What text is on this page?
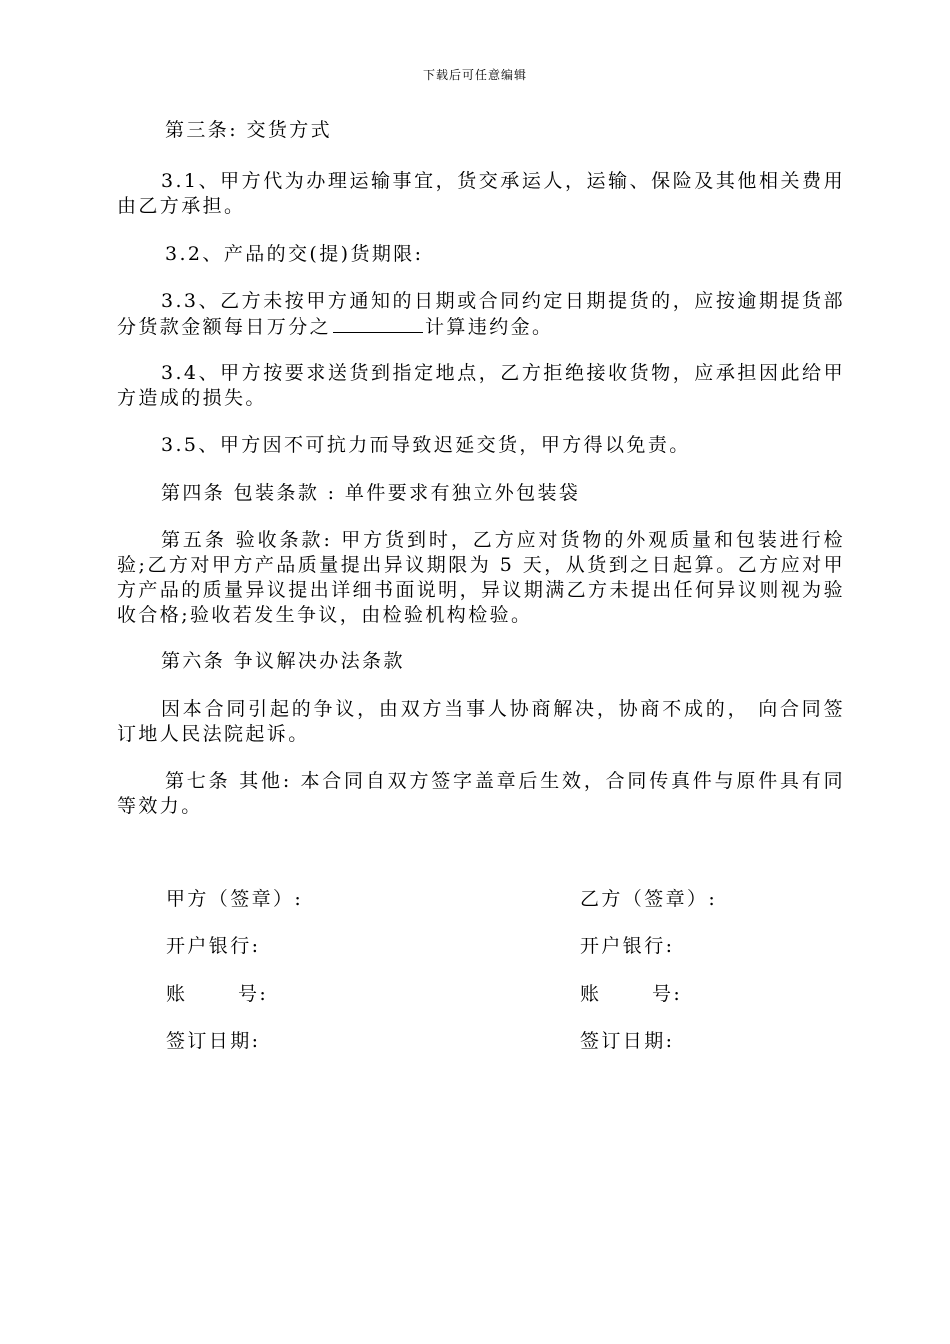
下载后可任意编辑
第三条: 交货方式
3.1、甲方代为办理运输事宜，货交承运人，运输、保险及其他相关费用由乙方承担。
3.2、产品的交(提)货期限:
3.3、乙方未按甲方通知的日期或合同约定日期提货的，应按逾期提货部分货款金额每日万分之	计算违约金。
3.4、甲方按要求送货到指定地点，乙方拒绝接收货物，应承担因此给甲方造成的损失。
3.5、甲方因不可抗力而导致迟延交货，甲方得以免责。
第四条 包装条款 : 单件要求有独立外包装袋
第五条 验收条款: 甲方货到时，乙方应对货物的外观质量和包装进行检验;乙方对甲方产品质量提出异议期限为 5 天，从货到之日起算。乙方应对甲方产品的质量异议提出详细书面说明，异议期满乙方未提出任何异议则视为验收合格;验收若发生争议，由检验机构检验。
第六条 争议解决办法条款
因本合同引起的争议，由双方当事人协商解决，协商不成的， 向合同签订地人民法院起诉。
第七条 其他: 本合同自双方签字盖章后生效，合同传真件与原件具有同等效力。
甲方（签章）:
开户银行:
账      号:
签订日期:
乙方（签章）:
开户银行:
账      号:
签订日期:
